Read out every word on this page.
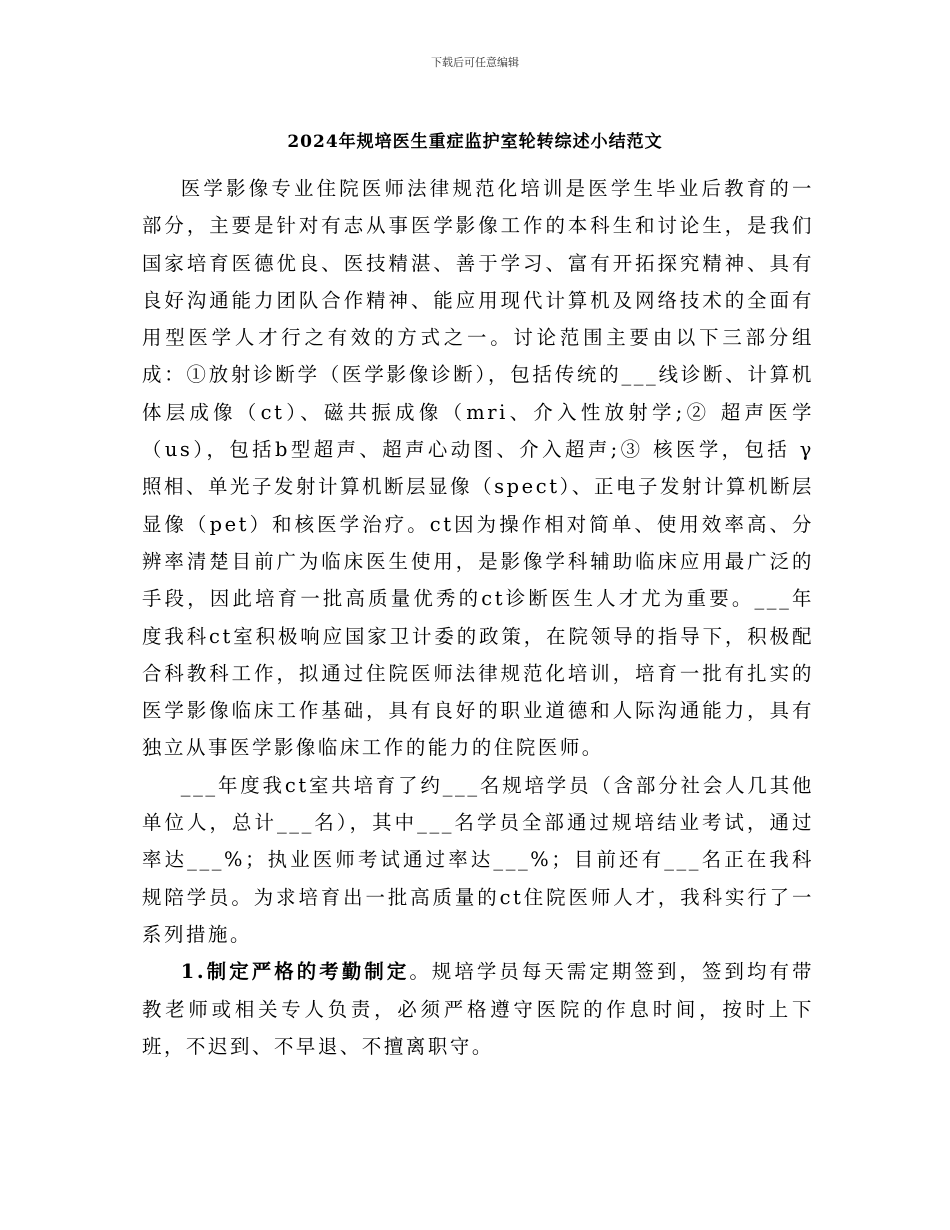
下载后可任意编辑
2024年规培医生重症监护室轮转综述小结范文

医学影像专业住院医师法律规范化培训是医学生毕业后教育的一部分，主要是针对有志从事医学影像工作的本科生和讨论生，是我们国家培育医德优良、医技精湛、善于学习、富有开拓探究精神、具有良好沟通能力团队合作精神、能应用现代计算机及网络技术的全面有用型医学人才行之有效的方式之一。讨论范围主要由以下三部分组成：①放射诊断学（医学影像诊断），包括传统的___线诊断、计算机体层成像（ct）、磁共振成像（mri、介入性放射学;② 超声医学（us），包括b型超声、超声心动图、介入超声;③ 核医学，包括 γ 照相、单光子发射计算机断层显像（spect）、正电子发射计算机断层显像（pet）和核医学治疗。ct因为操作相对简单、使用效率高、分辨率清楚目前广为临床医生使用，是影像学科辅助临床应用最广泛的手段，因此培育一批高质量优秀的ct诊断医生人才尤为重要。___年度我科ct室积极响应国家卫计委的政策，在院领导的指导下，积极配合科教科工作，拟通过住院医师法律规范化培训，培育一批有扎实的医学影像临床工作基础，具有良好的职业道德和人际沟通能力，具有独立从事医学影像临床工作的能力的住院医师。

___年度我ct室共培育了约___名规培学员（含部分社会人几其他单位人，总计___名），其中___名学员全部通过规培结业考试，通过率达___%；执业医师考试通过率达___%；目前还有___名正在我科规陪学员。为求培育出一批高质量的ct住院医师人才，我科实行了一系列措施。

1.制定严格的考勤制定。规培学员每天需定期签到，签到均有带教老师或相关专人负责，必须严格遵守医院的作息时间，按时上下班，不迟到、不早退、不擅离职守。
